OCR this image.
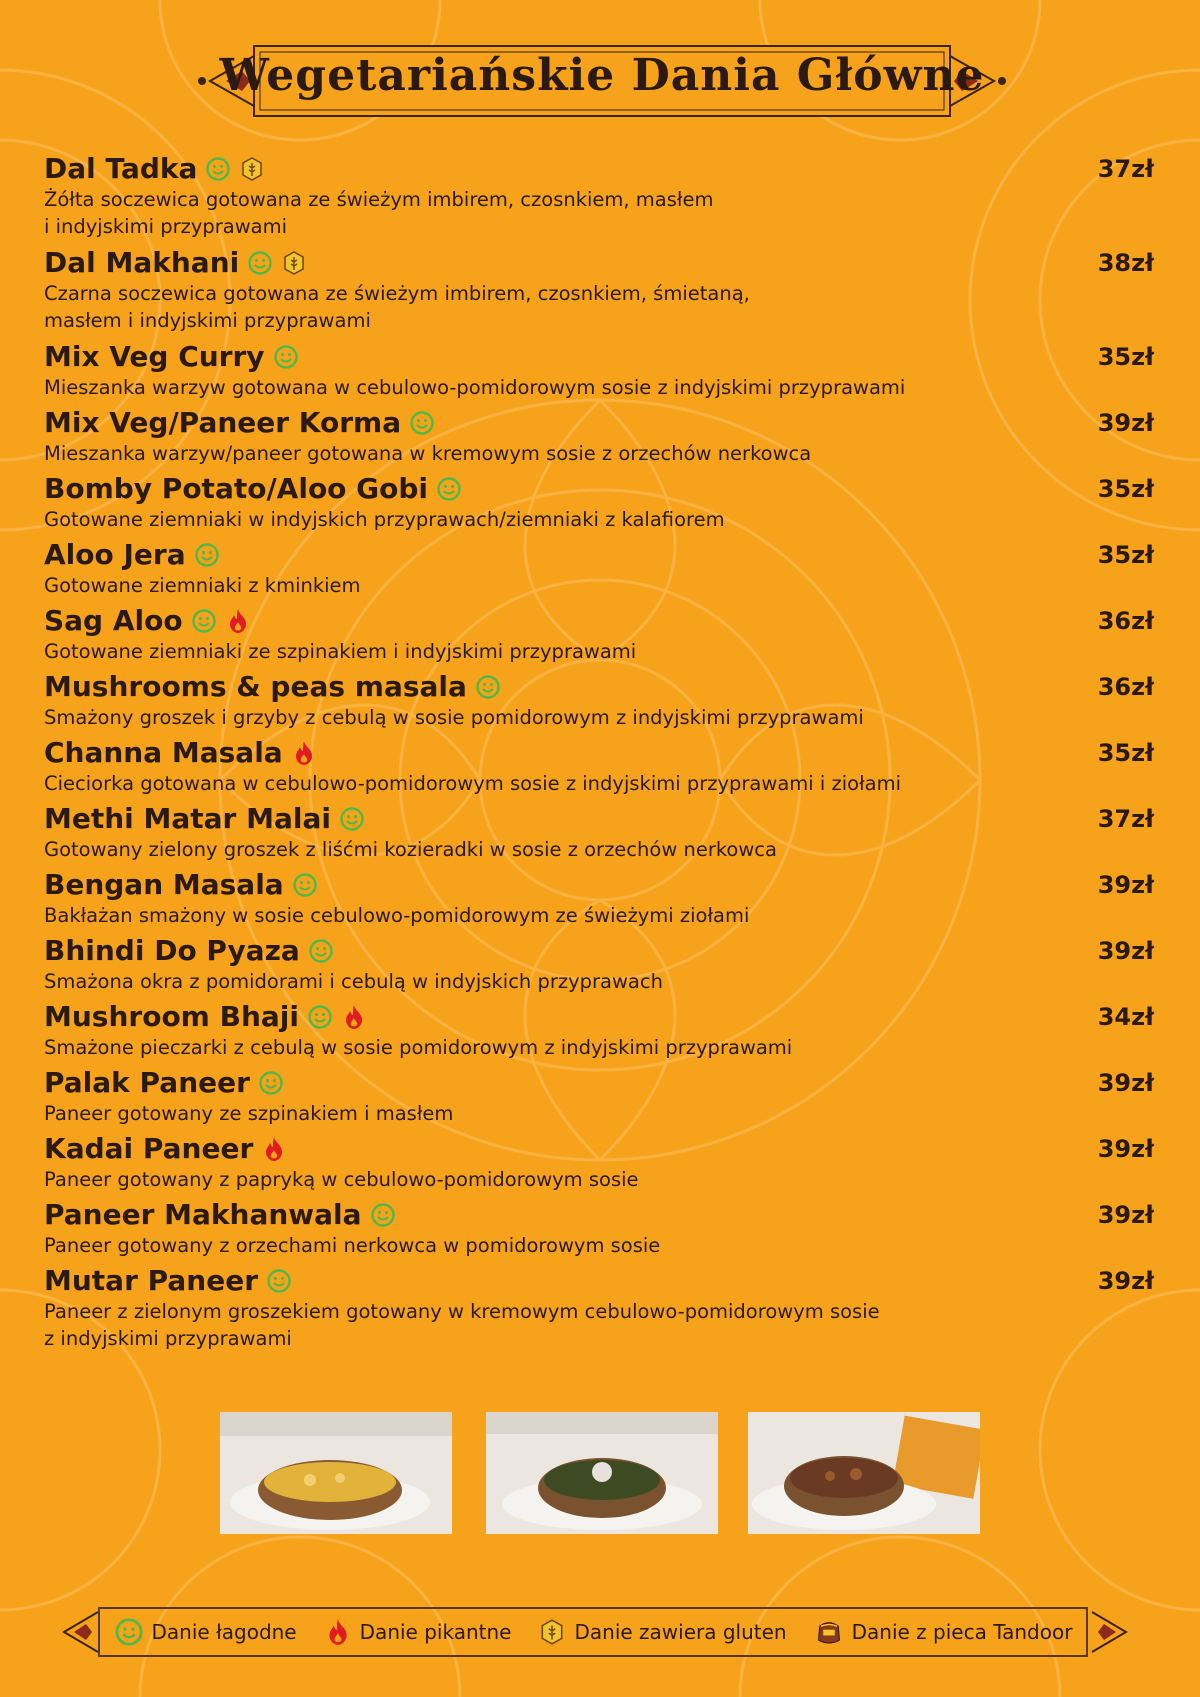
Wegetariańskie Dania Główne
Dal Tadka	37zł
Żółta soczewica gotowana ze świeżym imbirem, czosnkiem, masłem
i indyjskimi przyprawami
Dal Makhani	38zł
Czarna soczewica gotowana ze świeżym imbirem, czosnkiem, śmietaną,
masłem i indyjskimi przyprawami
Mix Veg Curry	35zł
Mieszanka warzyw gotowana w cebulowo-pomidorowym sosie z indyjskimi przyprawami
Mix Veg/Paneer Korma	39zł
Mieszanka warzyw/paneer gotowana w kremowym sosie z orzechów nerkowca
Bomby Potato/Aloo Gobi	35zł
Gotowane ziemniaki w indyjskich przyprawach/ziemniaki z kalafiorem
Aloo Jera	35zł
Gotowane ziemniaki z kminkiem
Sag Aloo	36zł
Gotowane ziemniaki ze szpinakiem i indyjskimi przyprawami
Mushrooms & peas masala	36zł
Smażony groszek i grzyby z cebulą w sosie pomidorowym z indyjskimi przyprawami
Channa Masala	35zł
Cieciorka gotowana w cebulowo-pomidorowym sosie z indyjskimi przyprawami i ziołami
Methi Matar Malai	37zł
Gotowany zielony groszek z liśćmi kozieradki w sosie z orzechów nerkowca
Bengan Masala	39zł
Bakłażan smażony w sosie cebulowo-pomidorowym ze świeżymi ziołami
Bhindi Do Pyaza	39zł
Smażona okra z pomidorami i cebulą w indyjskich przyprawach
Mushroom Bhaji	34zł
Smażone pieczarki z cebulą w sosie pomidorowym z indyjskimi przyprawami
Palak Paneer	39zł
Paneer gotowany ze szpinakiem i masłem
Kadai Paneer	39zł
Paneer gotowany z papryką w cebulowo-pomidorowym sosie
Paneer Makhanwala	39zł
Paneer gotowany z orzechami nerkowca w pomidorowym sosie
Mutar Paneer	39zł
Paneer z zielonym groszekiem gotowany w kremowym cebulowo-pomidorowym sosie
z indyjskimi przyprawami
Danie łagodne	Danie pikantne	Danie zawiera gluten	Danie z pieca Tandoor
